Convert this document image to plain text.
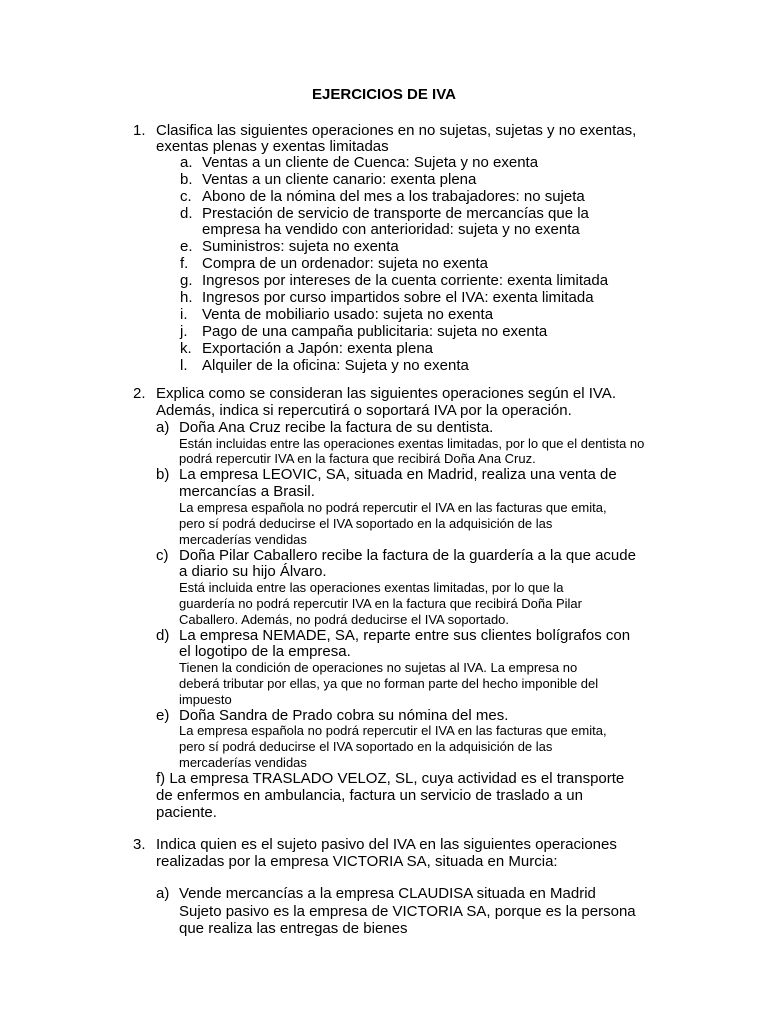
EJERCICIOS DE IVA
1. Clasifica las siguientes operaciones en no sujetas, sujetas y no exentas,
exentas plenas y exentas limitadas
a. Ventas a un cliente de Cuenca: Sujeta y no exenta
b. Ventas a un cliente canario: exenta plena
c. Abono de la nómina del mes a los trabajadores: no sujeta
d. Prestación de servicio de transporte de mercancías que la
empresa ha vendido con anterioridad: sujeta y no exenta
e. Suministros: sujeta no exenta
f. Compra de un ordenador: sujeta no exenta
g. Ingresos por intereses de la cuenta corriente: exenta limitada
h. Ingresos por curso impartidos sobre el IVA: exenta limitada
i. Venta de mobiliario usado: sujeta no exenta
j. Pago de una campaña publicitaria: sujeta no exenta
k. Exportación a Japón: exenta plena
l. Alquiler de la oficina: Sujeta y no exenta
2. Explica como se consideran las siguientes operaciones según el IVA.
Además, indica si repercutirá o soportará IVA por la operación.
a) Doña Ana Cruz recibe la factura de su dentista.
Están incluidas entre las operaciones exentas limitadas, por lo que el dentista no
podrá repercutir IVA en la factura que recibirá Doña Ana Cruz.
b) La empresa LEOVIC, SA, situada en Madrid, realiza una venta de
mercancías a Brasil.
La empresa española no podrá repercutir el IVA en las facturas que emita,
pero sí podrá deducirse el IVA soportado en la adquisición de las
mercaderías vendidas
c) Doña Pilar Caballero recibe la factura de la guardería a la que acude
a diario su hijo Álvaro.
Está incluida entre las operaciones exentas limitadas, por lo que la
guardería no podrá repercutir IVA en la factura que recibirá Doña Pilar
Caballero. Además, no podrá deducirse el IVA soportado.
d) La empresa NEMADE, SA, reparte entre sus clientes bolígrafos con
el logotipo de la empresa.
Tienen la condición de operaciones no sujetas al IVA. La empresa no
deberá tributar por ellas, ya que no forman parte del hecho imponible del
impuesto
e) Doña Sandra de Prado cobra su nómina del mes.
La empresa española no podrá repercutir el IVA en las facturas que emita,
pero sí podrá deducirse el IVA soportado en la adquisición de las
mercaderías vendidas
f) La empresa TRASLADO VELOZ, SL, cuya actividad es el transporte
de enfermos en ambulancia, factura un servicio de traslado a un
paciente.
3. Indica quien es el sujeto pasivo del IVA en las siguientes operaciones
realizadas por la empresa VICTORIA SA, situada en Murcia:
a) Vende mercancías a la empresa CLAUDISA situada en Madrid
Sujeto pasivo es la empresa de VICTORIA SA, porque es la persona
que realiza las entregas de bienes
